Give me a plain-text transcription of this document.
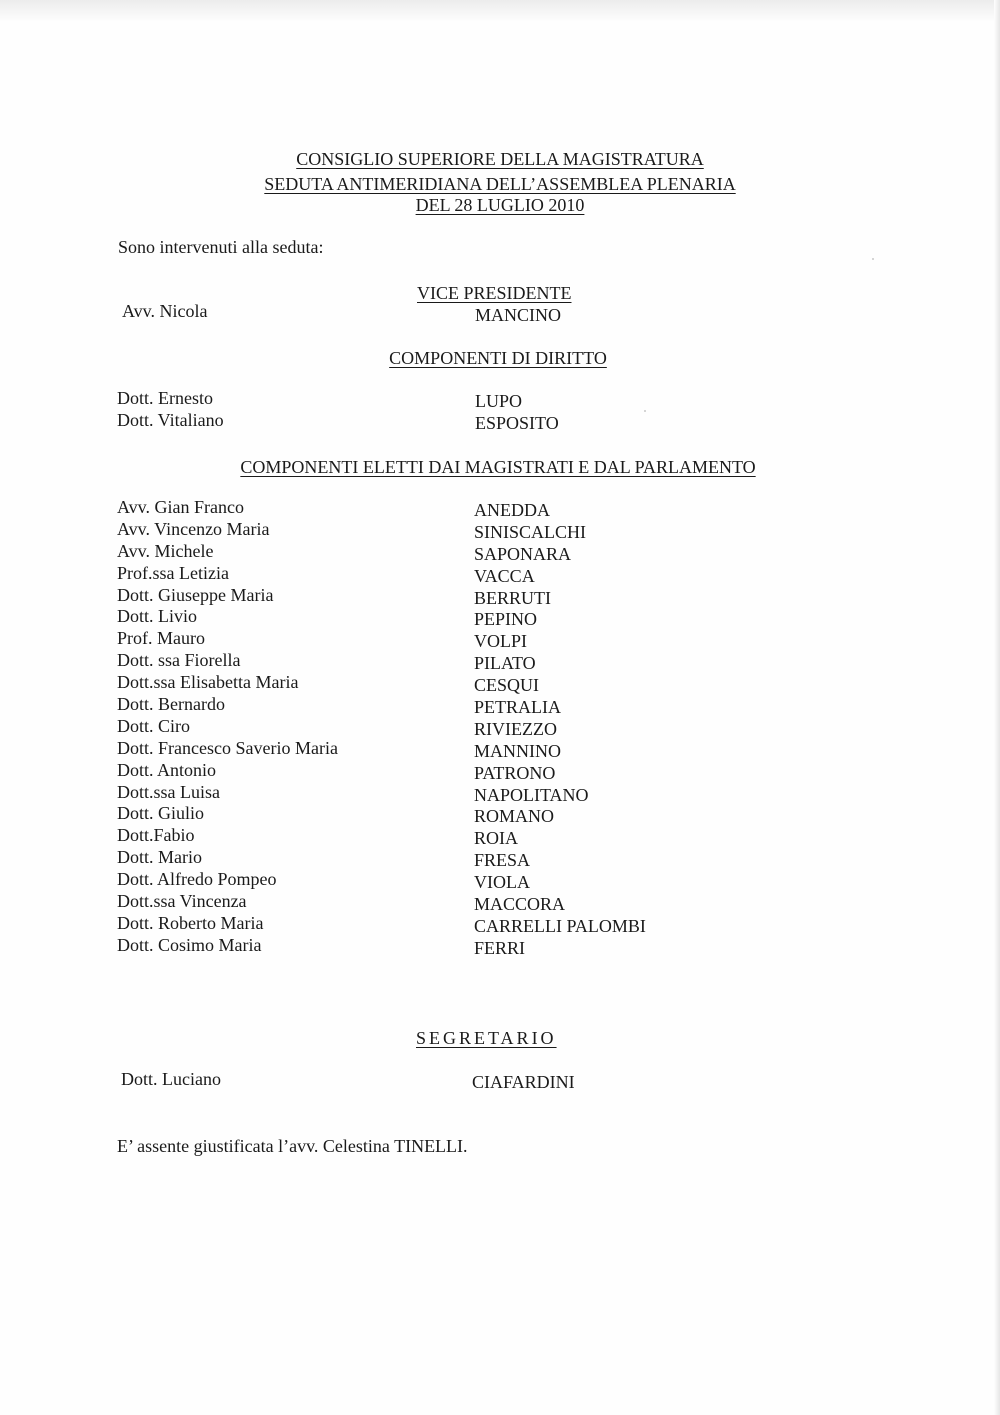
CONSIGLIO SUPERIORE DELLA MAGISTRATURA
SEDUTA ANTIMERIDIANA DELL’ASSEMBLEA PLENARIA
DEL 28 LUGLIO 2010
Sono intervenuti alla seduta:
VICE PRESIDENTE
Avv. Nicola	MANCINO
COMPONENTI DI DIRITTO
Dott. Ernesto
Dott. Vitaliano
LUPO
ESPOSITO
COMPONENTI ELETTI DAI MAGISTRATI E DAL PARLAMENTO
Avv. Gian Franco
Avv. Vincenzo Maria
Avv. Michele
Prof.ssa Letizia
Dott. Giuseppe Maria
Dott. Livio
Prof. Mauro
Dott. ssa Fiorella
Dott.ssa Elisabetta Maria
Dott. Bernardo
Dott. Ciro
Dott. Francesco Saverio Maria
Dott. Antonio
Dott.ssa Luisa
Dott. Giulio
Dott.Fabio
Dott. Mario
Dott. Alfredo Pompeo
Dott.ssa Vincenza
Dott. Roberto Maria
Dott. Cosimo Maria
ANEDDA
SINISCALCHI
SAPONARA
VACCA
BERRUTI
PEPINO
VOLPI
PILATO
CESQUI
PETRALIA
RIVIEZZO
MANNINO
PATRONO
NAPOLITANO
ROMANO
ROIA
FRESA
VIOLA
MACCORA
CARRELLI PALOMBI
FERRI
SEGRETARIO
Dott. Luciano	CIAFARDINI
E’ assente giustificata l’avv. Celestina TINELLI.
